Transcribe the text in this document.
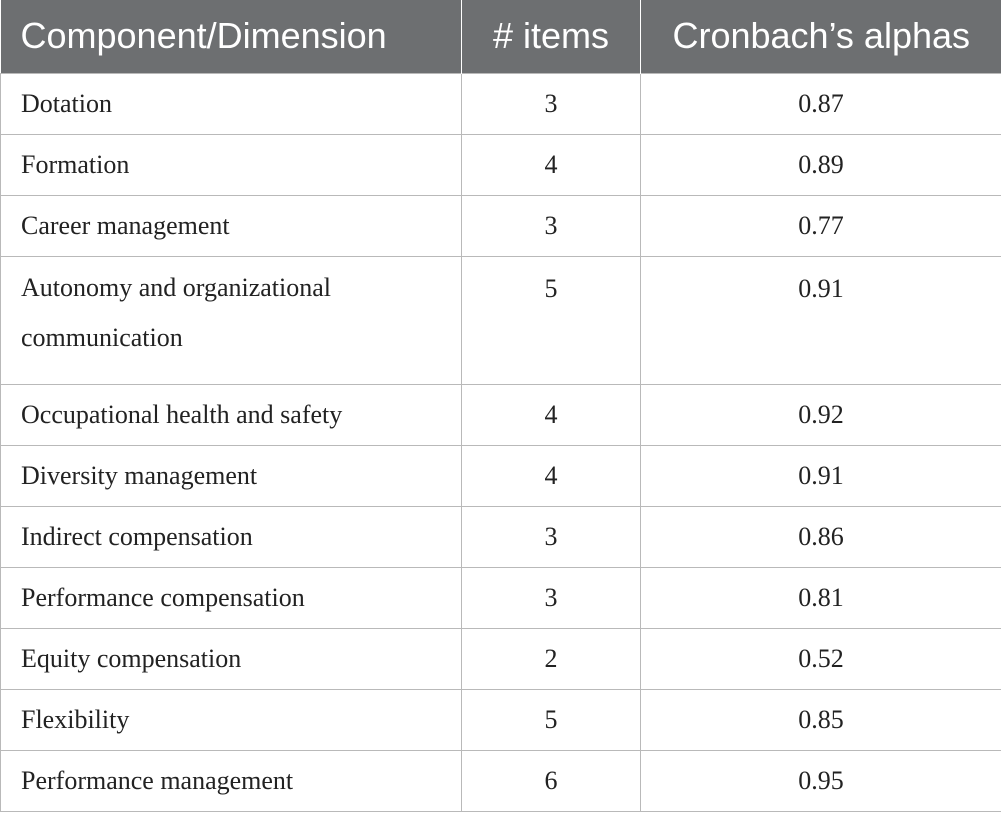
Component/Dimension	# items	Cronbach’s alphas
Dotation	3	0.87
Formation	4	0.89
Career management	3	0.77
Autonomy and organizational communication	5	0.91
Occupational health and safety	4	0.92
Diversity management	4	0.91
Indirect compensation	3	0.86
Performance compensation	3	0.81
Equity compensation	2	0.52
Flexibility	5	0.85
Performance management	6	0.95
